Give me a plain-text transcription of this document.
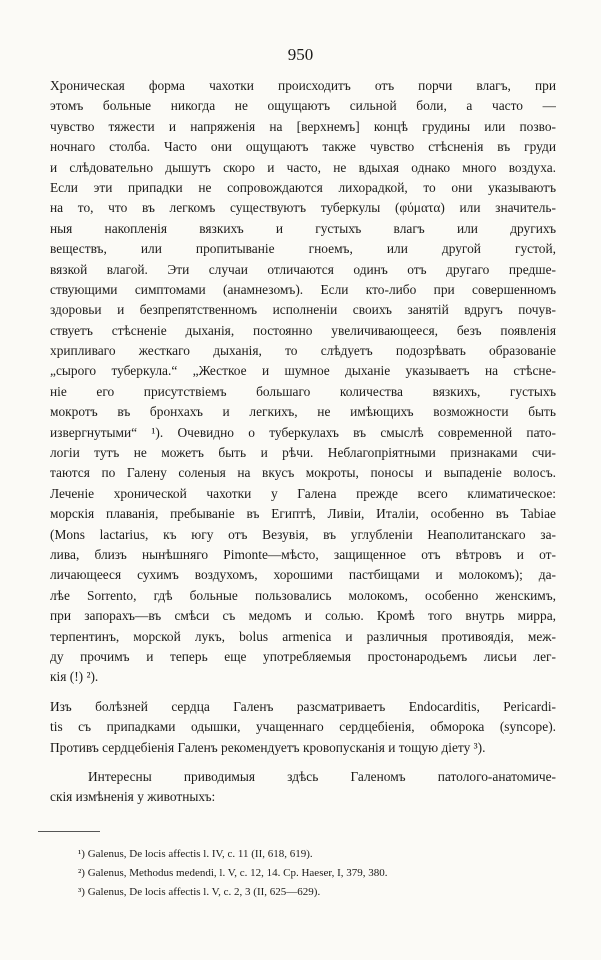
950
Хроническая форма чахотки происходитъ отъ порчи влагъ, при
этомъ больные никогда не ощущаютъ сильной боли, а часто —
чувство тяжести и напряженія на [верхнемъ] концѣ грудины или позво-
ночнаго столба. Часто они ощущаютъ также чувство стѣсненія въ груди
и слѣдовательно дышутъ скоро и часто, не вдыхая однако много воздуха.
Если эти припадки не сопровождаются лихорадкой, то они указываютъ
на то, что въ легкомъ существуютъ туберкулы (φύματα) или значитель-
ныя накопленія вязкихъ и густыхъ влагъ или другихъ
веществъ, или пропитываніе гноемъ, или другой густой,
вязкой влагой. Эти случаи отличаются одинъ отъ другаго предше-
ствующими симптомами (анамнезомъ). Если кто-либо при совершенномъ
здоровьи и безпрепятственномъ исполненіи своихъ занятій вдругъ почув-
ствуетъ стѣсненіе дыханія, постоянно увеличивающееся, безъ появленія
хрипливаго жесткаго дыханія, то слѣдуетъ подозрѣвать образованіе
„сырого туберкула.“ „Жесткое и шумное дыханіе указываетъ на стѣсне-
ніе его присутствіемъ большаго количества вязкихъ, густыхъ
мокротъ въ бронхахъ и легкихъ, не имѣющихъ возможности быть
извергнутыми“ ¹). Очевидно о туберкулахъ въ смыслѣ современной пато-
логіи тутъ не можетъ быть и рѣчи. Неблагопріятными признаками счи-
таются по Галену соленыя на вкусъ мокроты, поносы и выпаденіе волосъ.
Леченіе хронической чахотки у Галена прежде всего климатическое:
морскія плаванія, пребываніе въ Египтѣ, Ливіи, Италіи, особенно въ Tabiae
(Mons lactarius, къ югу отъ Везувія, въ углубленіи Неаполитанскаго за-
лива, близъ нынѣшняго Pimonte—мѣсто, защищенное отъ вѣтровъ и от-
личающееся сухимъ воздухомъ, хорошими пастбищами и молокомъ); да-
лѣе Sorrento, гдѣ больные пользовались молокомъ, особенно женскимъ,
при запорахъ—въ смѣси съ медомъ и солью. Кромѣ того внутрь мирра,
терпентинъ, морской лукъ, bolus armenica и различныя противоядія, меж-
ду прочимъ и теперь еще употребляемыя простонародьемъ лисьи лег-
кія (!) ²).
Изъ болѣзней сердца Галенъ разсматриваетъ Endocarditis, Pericardi-
tis съ припадками одышки, учащеннаго сердцебіенія, обморока (syncope).
Противъ сердцебіенія Галенъ рекомендуетъ кровопусканія и тощую діету ³).
Интересны приводимыя здѣсь Галеномъ патолого-анатомиче-
скія измѣненія у животныхъ:
¹) Galenus, De locis affectis l. IV, c. 11 (II, 618, 619).
²) Galenus, Methodus medendi, l. V, c. 12, 14. Cp. Haeser, I, 379, 380.
³) Galenus, De locis affectis l. V, c. 2, 3 (II, 625—629).
